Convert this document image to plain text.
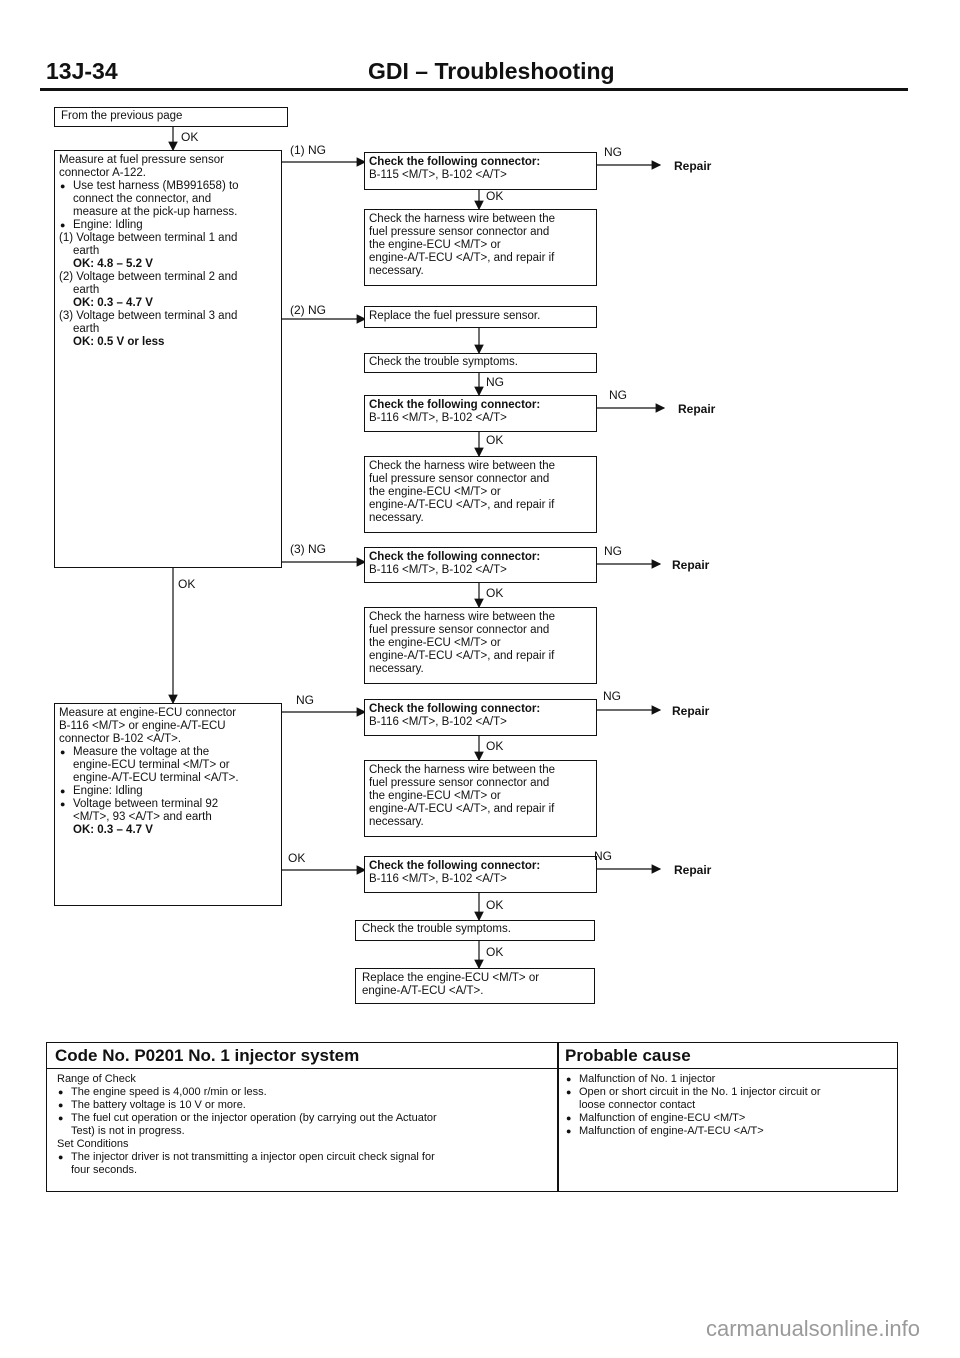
13J-34	GDI – Troubleshooting
From the previous page
OK
Measure at fuel pressure sensor
connector A-122.
● Use test harness (MB991658) to
connect the connector, and
measure at the pick-up harness.
● Engine: Idling
(1) Voltage between terminal 1 and
earth
OK: 4.8 – 5.2 V
(2) Voltage between terminal 2 and
earth
OK: 0.3 – 4.7 V
(3) Voltage between terminal 3 and
earth
OK: 0.5 V or less
OK
Measure at engine-ECU connector
B-116 <M/T> or engine-A/T-ECU
connector B-102 <A/T>.
● Measure the voltage at the
engine-ECU terminal <M/T> or
engine-A/T-ECU terminal <A/T>.
● Engine: Idling
● Voltage between terminal 92
<M/T>, 93 <A/T> and earth
OK: 0.3 – 4.7 V
(1) NG
(2) NG
(3) NG
NG
OK
Check the following connector:
B-115 <M/T>, B-102 <A/T>
NG
Repair
OK
Check the harness wire between the
fuel pressure sensor connector and
the engine-ECU <M/T> or
engine-A/T-ECU <A/T>, and repair if
necessary.
Replace the fuel pressure sensor.
Check the trouble symptoms.
NG
Check the following connector:
B-116 <M/T>, B-102 <A/T>
NG
Repair
OK
Check the harness wire between the
fuel pressure sensor connector and
the engine-ECU <M/T> or
engine-A/T-ECU <A/T>, and repair if
necessary.
Check the following connector:
B-116 <M/T>, B-102 <A/T>
NG
Repair
OK
Check the harness wire between the
fuel pressure sensor connector and
the engine-ECU <M/T> or
engine-A/T-ECU <A/T>, and repair if
necessary.
Check the following connector:
B-116 <M/T>, B-102 <A/T>
NG
Repair
OK
Check the harness wire between the
fuel pressure sensor connector and
the engine-ECU <M/T> or
engine-A/T-ECU <A/T>, and repair if
necessary.
Check the following connector:
B-116 <M/T>, B-102 <A/T>
NG
Repair
OK
Check the trouble symptoms.
OK
Replace the engine-ECU <M/T> or
engine-A/T-ECU <A/T>.
Code No. P0201 No. 1 injector system	Probable cause
Range of Check
● The engine speed is 4,000 r/min or less.
● The battery voltage is 10 V or more.
● The fuel cut operation or the injector operation (by carrying out the Actuator
Test) is not in progress.
Set Conditions
● The injector driver is not transmitting a injector open circuit check signal for
four seconds.
● Malfunction of No. 1 injector
● Open or short circuit in the No. 1 injector circuit or
loose connector contact
● Malfunction of engine-ECU <M/T>
● Malfunction of engine-A/T-ECU <A/T>
carmanualsonline.info
